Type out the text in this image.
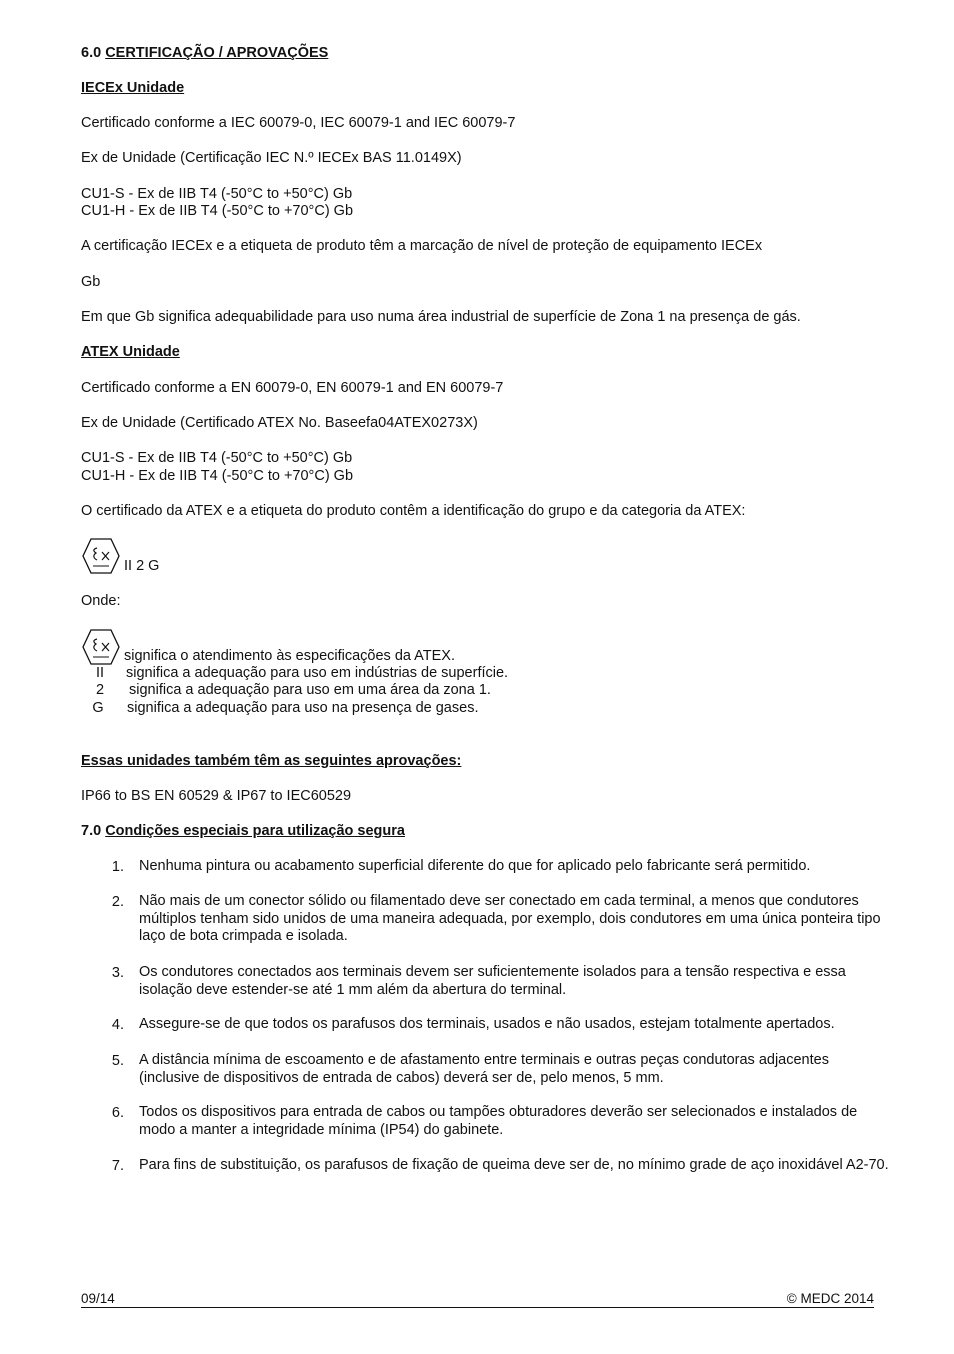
6.0 CERTIFICAÇÃO / APROVAÇÕES
IECEx Unidade
Certificado conforme a IEC 60079-0, IEC 60079-1 and IEC 60079-7
Ex de Unidade (Certificação IEC N.º IECEx BAS 11.0149X)
CU1-S - Ex de IIB T4 (-50°C to +50°C) Gb
CU1-H - Ex de IIB T4 (-50°C to +70°C) Gb
A certificação IECEx e a etiqueta de produto têm a marcação de nível de proteção de equipamento IECEx
Gb
Em que Gb significa adequabilidade para uso numa área industrial de superfície de Zona 1 na presença de gás.
ATEX Unidade
Certificado conforme a EN 60079-0, EN 60079-1 and EN 60079-7
Ex de Unidade (Certificado ATEX No. Baseefa04ATEX0273X)
CU1-S - Ex de IIB T4 (-50°C to +50°C) Gb
CU1-H - Ex de IIB T4 (-50°C to +70°C) Gb
O certificado da ATEX e a etiqueta do produto contêm a identificação do grupo e da categoria da ATEX:
II 2 G
Onde:
significa o atendimento às especificações da ATEX.
II	significa a adequação para uso em indústrias de superfície.
2	significa a adequação para uso em uma área da zona 1.
G	significa a adequação para uso na presença de gases.
Essas unidades também têm as seguintes aprovações:
IP66 to BS EN 60529 & IP67 to IEC60529
7.0 Condições especiais para utilização segura
1. Nenhuma pintura ou acabamento superficial diferente do que for aplicado pelo fabricante será permitido.
2. Não mais de um conector sólido ou filamentado deve ser conectado em cada terminal, a menos que condutores múltiplos tenham sido unidos de uma maneira adequada, por exemplo, dois condutores em uma única ponteira tipo laço de bota crimpada e isolada.
3. Os condutores conectados aos terminais devem ser suficientemente isolados para a tensão respectiva e essa isolação deve estender-se até 1 mm além da abertura do terminal.
4. Assegure-se de que todos os parafusos dos terminais, usados e não usados, estejam totalmente apertados.
5. A distância mínima de escoamento e de afastamento entre terminais e outras peças condutoras adjacentes (inclusive de dispositivos de entrada de cabos) deverá ser de, pelo menos, 5 mm.
6. Todos os dispositivos para entrada de cabos ou tampões obturadores deverão ser selecionados e instalados de modo a manter a integridade mínima (IP54) do gabinete.
7. Para fins de substituição, os parafusos de fixação de queima deve ser de, no mínimo grade de aço inoxidável A2-70.
09/14	© MEDC 2014
